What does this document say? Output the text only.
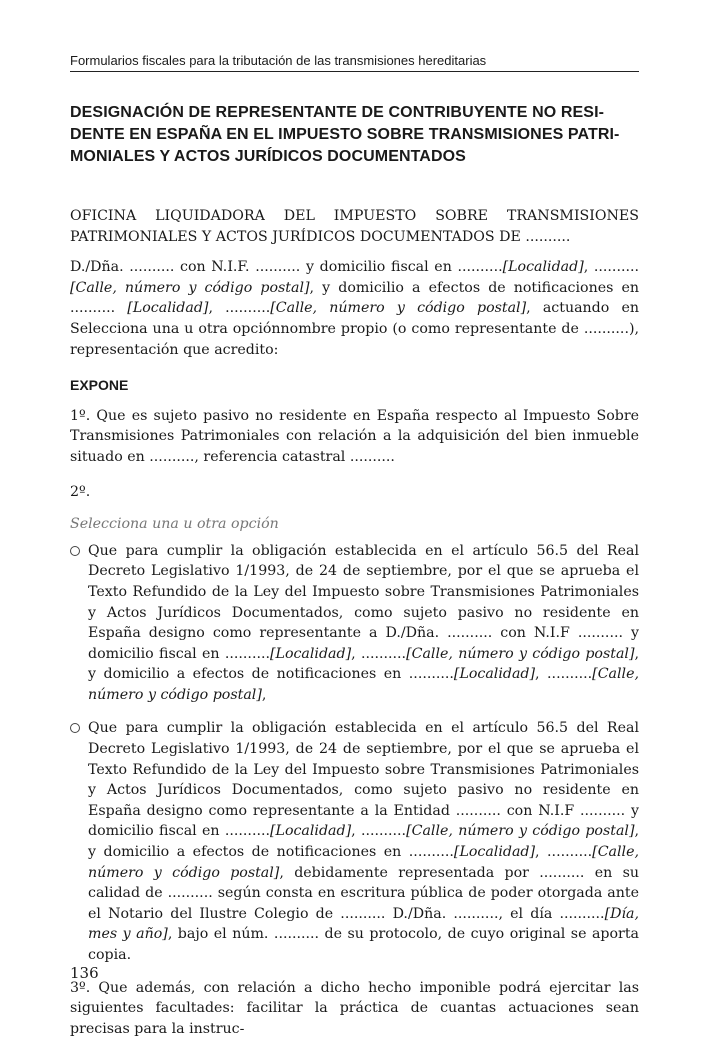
Formularios fiscales para la tributación de las transmisiones hereditarias
DESIGNACIÓN DE REPRESENTANTE DE CONTRIBUYENTE NO RESI-
DENTE EN ESPAÑA EN EL IMPUESTO SOBRE TRANSMISIONES PATRI-
MONIALES Y ACTOS JURÍDICOS DOCUMENTADOS

OFICINA LIQUIDADORA DEL IMPUESTO SOBRE TRANSMISIONES PATRIMONIALES Y ACTOS JURÍDICOS DOCUMENTADOS DE ..........

D./Dña. .......... con N.I.F. .......... y domicilio fiscal en ..........[Localidad], .......... [Calle, número y código postal], y domicilio a efectos de notificaciones en .......... [Localidad], ..........[Calle, número y código postal], actuando en Selecciona una u otra opciónnombre propio (o como representante de ..........), representación que acredito:

EXPONE

1º. Que es sujeto pasivo no residente en España respecto al Impuesto Sobre Transmisiones Patrimoniales con relación a la adquisición del bien inmueble situado en .........., referencia catastral ..........

2º.

Selecciona una u otra opción

Que para cumplir la obligación establecida en el artículo 56.5 del Real Decreto Legislativo 1/1993, de 24 de septiembre, por el que se aprueba el Texto Refundido de la Ley del Impuesto sobre Transmisiones Patrimoniales y Actos Jurídicos Documentados, como sujeto pasivo no residente en España designo como representante a D./Dña. .......... con N.I.F .......... y domicilio fiscal en ..........[Localidad], ..........[Calle, número y código postal], y domicilio a efectos de notificaciones en ..........[Localidad], ..........[Calle, número y código postal],

Que para cumplir la obligación establecida en el artículo 56.5 del Real Decreto Legislativo 1/1993, de 24 de septiembre, por el que se aprueba el Texto Refundido de la Ley del Impuesto sobre Transmisiones Patrimoniales y Actos Jurídicos Documentados, como sujeto pasivo no residente en España designo como representante a la Entidad .......... con N.I.F .......... y domicilio fiscal en ..........[Localidad], ..........[Calle, número y código postal], y domicilio a efectos de notificaciones en ..........[Localidad], ..........[Calle, número y código postal], debidamente representada por .......... en su calidad de .......... según consta en escritura pública de poder otorgada ante el Notario del Ilustre Colegio de .......... D./Dña. .........., el día ..........[Día, mes y año], bajo el núm. .......... de su protocolo, de cuyo original se aporta copia.

3º. Que además, con relación a dicho hecho imponible podrá ejercitar las siguientes facultades: facilitar la práctica de cuantas actuaciones sean precisas para la instruc-

136
